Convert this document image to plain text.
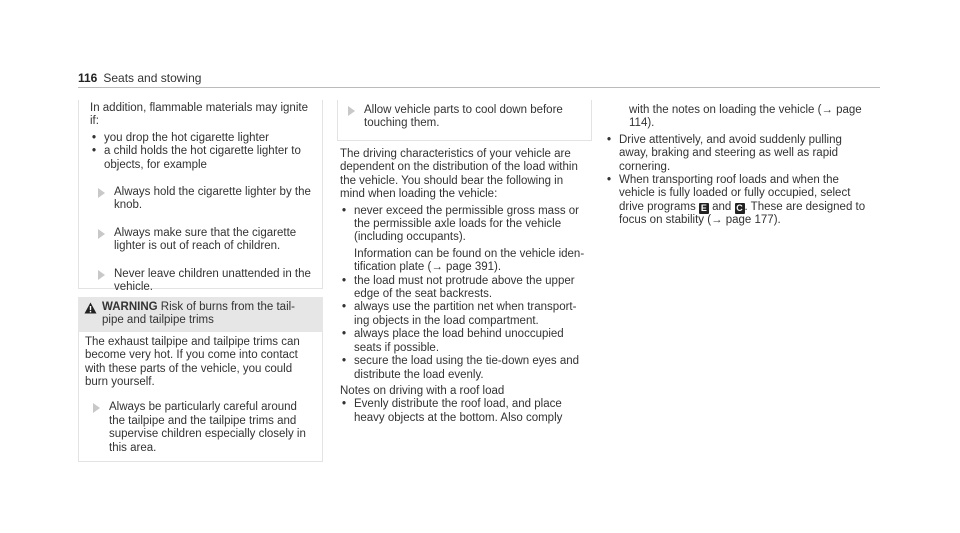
116 Seats and stowing

In addition, flammable materials may ignite if:

• you drop the hot cigarette lighter
• a child holds the hot cigarette lighter to objects, for example
Always hold the cigarette lighter by the knob.
Always make sure that the cigarette lighter is out of reach of children.
Never leave children unattended in the vehicle.
WARNING Risk of burns from the tail-pipe and tailpipe trims

The exhaust tailpipe and tailpipe trims can become very hot. If you come into contact with these parts of the vehicle, you could burn yourself.

Always be particularly careful around the tailpipe and the tailpipe trims and supervise children especially closely in this area.
Allow vehicle parts to cool down before touching them.

The driving characteristics of your vehicle are dependent on the distribution of the load within the vehicle. You should bear the following in mind when loading the vehicle:

• never exceed the permissible gross mass or the permissible axle loads for the vehicle (including occupants).
Information can be found on the vehicle iden-tification plate (→ page 391).
• the load must not protrude above the upper edge of the seat backrests.
• always use the partition net when transport-ing objects in the load compartment.
• always place the load behind unoccupied seats if possible.
• secure the load using the tie-down eyes and distribute the load evenly.

Notes on driving with a roof load

• Evenly distribute the roof load, and place heavy objects at the bottom. Also comply

with the notes on loading the vehicle (→ page 114).

• Drive attentively, and avoid suddenly pulling away, braking and steering as well as rapid cornering.
• When transporting roof loads and when the vehicle is fully loaded or fully occupied, select drive programs E and C . These are designed to focus on stability (→ page 177).
